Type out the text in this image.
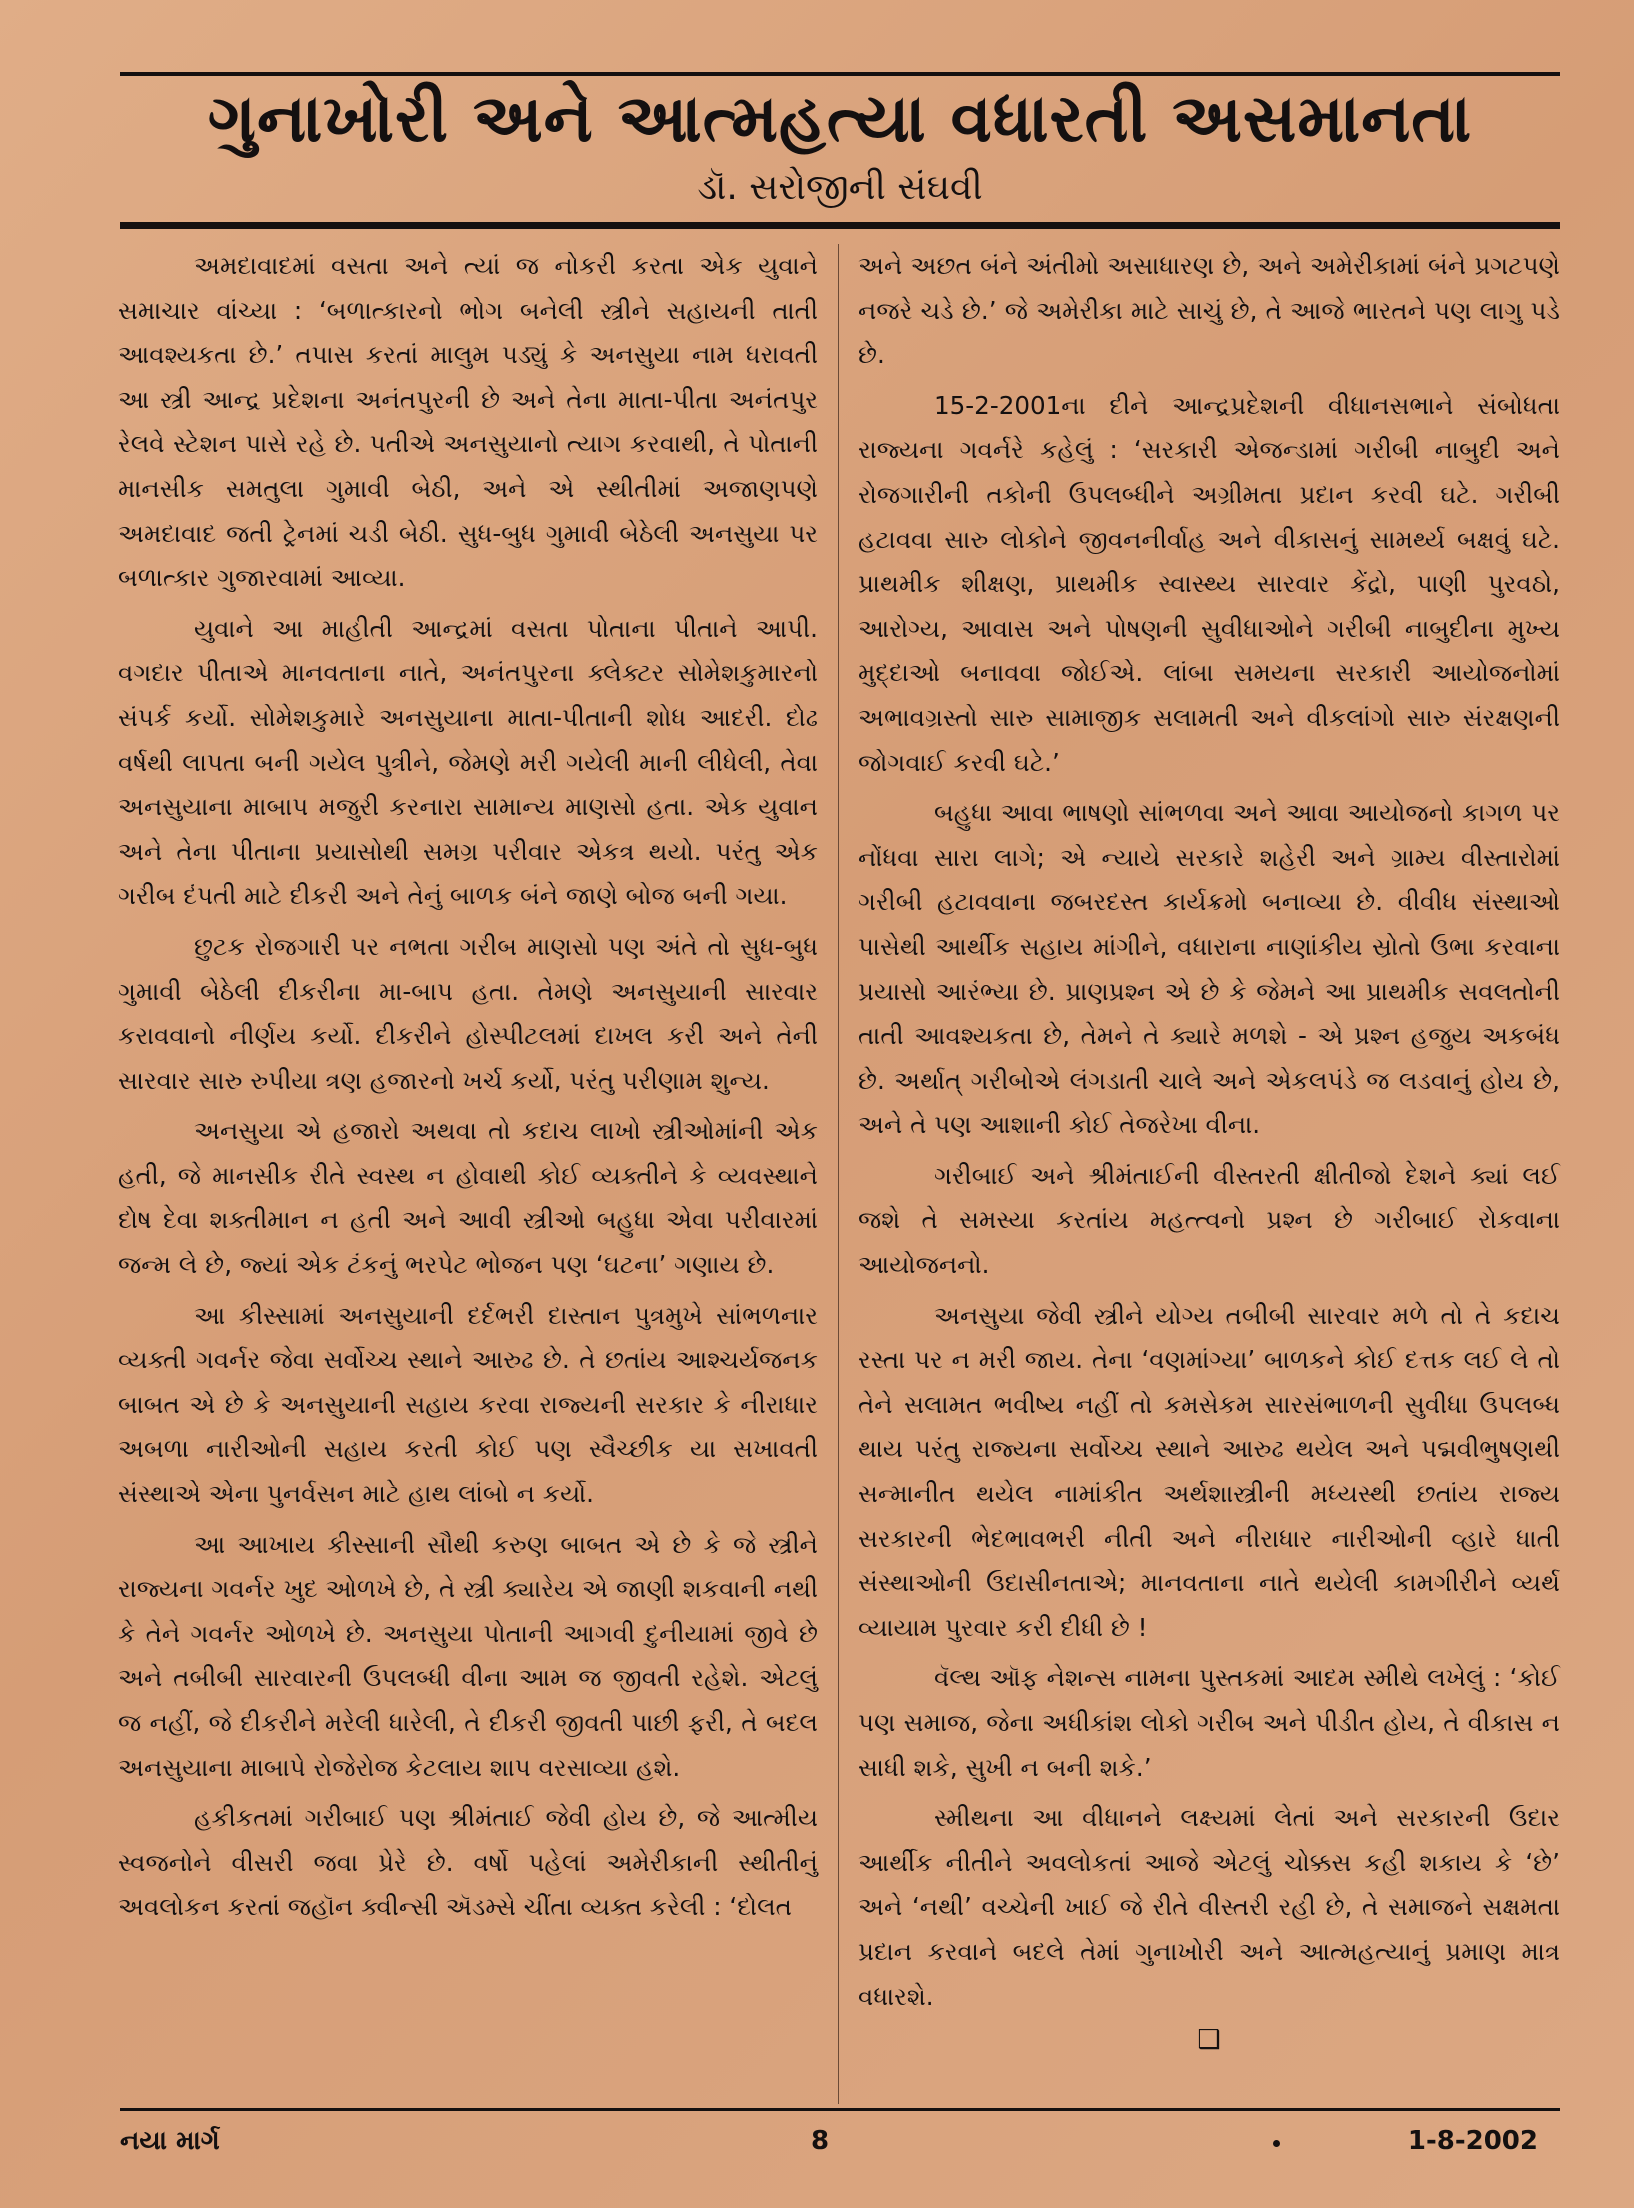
ગુનાખોરી અને આત્મહત્યા વધારતી અસમાનતા
ડૉ. સરોજીની સંઘવી

અમદાવાદમાં વસતા અને ત્યાં જ નોકરી કરતા એક યુવાને સમાચાર વાંચ્યા : ‘બળાત્કારનો ભોગ બનેલી સ્ત્રીને સહાયની તાતી આવશ્યકતા છે.’ તપાસ કરતાં માલુમ પડ્યું કે અનસુયા નામ ધરાવતી આ સ્ત્રી આન્દ્ર પ્રદેશના અનંતપુરની છે અને તેના માતા-પીતા અનંતપુર રેલવે સ્ટેશન પાસે રહે છે. પતીએ અનસુયાનો ત્યાગ કરવાથી, તે પોતાની માનસીક સમતુલા ગુમાવી બેઠી, અને એ સ્થીતીમાં અજાણપણે અમદાવાદ જતી ટ્રેનમાં ચડી બેઠી. સુધ-બુધ ગુમાવી બેઠેલી અનસુયા પર બળાત્કાર ગુજારવામાં આવ્યા.

યુવાને આ માહીતી આન્દ્રમાં વસતા પોતાના પીતાને આપી. વગદાર પીતાએ માનવતાના નાતે, અનંતપુરના ક્લેક્ટર સોમેશકુમારનો સંપર્ક કર્યો. સોમેશકુમારે અનસુયાના માતા-પીતાની શોધ આદરી. દોઢ વર્ષથી લાપતા બની ગયેલ પુત્રીને, જેમણે મરી ગયેલી માની લીધેલી, તેવા અનસુયાના માબાપ મજુરી કરનારા સામાન્ય માણસો હતા. એક યુવાન અને તેના પીતાના પ્રયાસોથી સમગ્ર પરીવાર એકત્ર થયો. પરંતુ એક ગરીબ દંપતી માટે દીકરી અને તેનું બાળક બંને જાણે બોજ બની ગયા.

છુટક રોજગારી પર નભતા ગરીબ માણસો પણ અંતે તો સુધ-બુધ ગુમાવી બેઠેલી દીકરીના મા-બાપ હતા. તેમણે અનસુયાની સારવાર કરાવવાનો નીર્ણય કર્યો. દીકરીને હોસ્પીટલમાં દાખલ કરી અને તેની સારવાર સારુ રુપીયા ત્રણ હજારનો ખર્ચ કર્યો, પરંતુ પરીણામ શુન્ય.

અનસુયા એ હજારો અથવા તો કદાચ લાખો સ્ત્રીઓમાંની એક હતી, જે માનસીક રીતે સ્વસ્થ ન હોવાથી કોઈ વ્યક્તીને કે વ્યવસ્થાને દોષ દેવા શક્તીમાન ન હતી અને આવી સ્ત્રીઓ બહુધા એવા પરીવારમાં જન્મ લે છે, જ્યાં એક ટંકનું ભરપેટ ભોજન પણ ‘ઘટના’ ગણાય છે.

આ કીસ્સામાં અનસુયાની દર્દભરી દાસ્તાન પુત્રમુખે સાંભળનાર વ્યક્તી ગવર્નર જેવા સર્વોચ્ચ સ્થાને આરુઢ છે. તે છતાંય આશ્ચર્યજનક બાબત એ છે કે અનસુયાની સહાય કરવા રાજ્યની સરકાર કે નીરાધાર અબળા નારીઓની સહાય કરતી કોઈ પણ સ્વૈચ્છીક યા સખાવતી સંસ્થાએ એના પુનર્વસન માટે હાથ લાંબો ન કર્યો.

આ આખાય કીસ્સાની સૌથી કરુણ બાબત એ છે કે જે સ્ત્રીને રાજ્યના ગવર્નર ખુદ ઓળખે છે, તે સ્ત્રી ક્યારેય એ જાણી શકવાની નથી કે તેને ગવર્નર ઓળખે છે. અનસુયા પોતાની આગવી દુનીયામાં જીવે છે અને તબીબી સારવારની ઉપલબ્ધી વીના આમ જ જીવતી રહેશે. એટલું જ નહીં, જે દીકરીને મરેલી ધારેલી, તે દીકરી જીવતી પાછી ફરી, તે બદલ અનસુયાના માબાપે રોજેરોજ કેટલાય શાપ વરસાવ્યા હશે.

હકીકતમાં ગરીબાઈ પણ શ્રીમંતાઈ જેવી હોય છે, જે આત્મીય સ્વજનોને વીસરી જવા પ્રેરે છે. વર્ષો પહેલાં અમેરીકાની સ્થીતીનું અવલોકન કરતાં જહૉન ક્વીન્સી ઍડમ્સે ચીંતા વ્યક્ત કરેલી : ‘દોલત

અને અછત બંને અંતીમો અસાધારણ છે, અને અમેરીકામાં બંને પ્રગટપણે નજરે ચડે છે.’ જે અમેરીકા માટે સાચું છે, તે આજે ભારતને પણ લાગુ પડે છે.

15-2-2001ના દીને આન્દ્રપ્રદેશની વીધાનસભાને સંબોધતા રાજ્યના ગવર્નરે કહેલું : ‘સરકારી એજન્ડામાં ગરીબી નાબુદી અને રોજગારીની તકોની ઉપલબ્ધીને અગ્રીમતા પ્રદાન કરવી ઘટે. ગરીબી હટાવવા સારુ લોકોને જીવનનીર્વાહ અને વીકાસનું સામર્થ્ય બક્ષવું ઘટે. પ્રાથમીક શીક્ષણ, પ્રાથમીક સ્વાસ્થ્ય સારવાર કેંદ્રો, પાણી પુરવઠો, આરોગ્ય, આવાસ અને પોષણની સુવીધાઓને ગરીબી નાબુદીના મુખ્ય મુદ્દાઓ બનાવવા જોઈએ. લાંબા સમયના સરકારી આયોજનોમાં અભાવગ્રસ્તો સારુ સામાજીક સલામતી અને વીકલાંગો સારુ સંરક્ષણની જોગવાઈ કરવી ઘટે.’

બહુધા આવા ભાષણો સાંભળવા અને આવા આયોજનો કાગળ પર નોંધવા સારા લાગે; એ ન્યાયે સરકારે શહેરી અને ગ્રામ્ય વીસ્તારોમાં ગરીબી હટાવવાના જબરદસ્ત કાર્યક્રમો બનાવ્યા છે. વીવીધ સંસ્થાઓ પાસેથી આર્થીક સહાય માંગીને, વધારાના નાણાંકીય સ્રોતો ઉભા કરવાના પ્રયાસો આરંભ્યા છે. પ્રાણપ્રશ્ન એ છે કે જેમને આ પ્રાથમીક સવલતોની તાતી આવશ્યકતા છે, તેમને તે ક્યારે મળશે - એ પ્રશ્ન હજુય અકબંધ છે. અર્થાત્ ગરીબોએ લંગડાતી ચાલે અને એકલપંડે જ લડવાનું હોય છે, અને તે પણ આશાની કોઈ તેજરેખા વીના.

ગરીબાઈ અને શ્રીમંતાઈની વીસ્તરતી ક્ષીતીજો દેશને ક્યાં લઈ જશે તે સમસ્યા કરતાંય મહત્ત્વનો પ્રશ્ન છે ગરીબાઈ રોકવાના આયોજનનો.

અનસુયા જેવી સ્ત્રીને યોગ્ય તબીબી સારવાર મળે તો તે કદાચ રસ્તા પર ન મરી જાય. તેના ‘વણમાંગ્યા’ બાળકને કોઈ દત્તક લઈ લે તો તેને સલામત ભવીષ્ય નહીં તો કમસેકમ સારસંભાળની સુવીધા ઉપલબ્ધ થાય પરંતુ રાજ્યના સર્વોચ્ચ સ્થાને આરુઢ થયેલ અને પદ્મવીભુષણથી સન્માનીત થયેલ નામાંકીત અર્થશાસ્ત્રીની મધ્યસ્થી છતાંય રાજ્ય સરકારની ભેદભાવભરી નીતી અને નીરાધાર નારીઓની વ્હારે ધાતી સંસ્થાઓની ઉદાસીનતાએ; માનવતાના નાતે થયેલી કામગીરીને વ્યર્થ વ્યાયામ પુરવાર કરી દીધી છે !

વૅલ્થ ઑફ નેશન્સ નામના પુસ્તકમાં આદમ સ્મીથે લખેલું : ‘કોઈ પણ સમાજ, જેના અધીકાંશ લોકો ગરીબ અને પીડીત હોય, તે વીકાસ ન સાધી શકે, સુખી ન બની શકે.’

સ્મીથના આ વીધાનને લક્ષ્યમાં લેતાં અને સરકારની ઉદાર આર્થીક નીતીને અવલોકતાં આજે એટલું ચોક્કસ કહી શકાય કે ‘છે’ અને ‘નથી’ વચ્ચેની ખાઈ જે રીતે વીસ્તરી રહી છે, તે સમાજને સક્ષમતા પ્રદાન કરવાને બદલે તેમાં ગુનાખોરી અને આત્મહત્યાનું પ્રમાણ માત્ર વધારશે.

❑
નયા માર્ગ	8	1-8-2002
